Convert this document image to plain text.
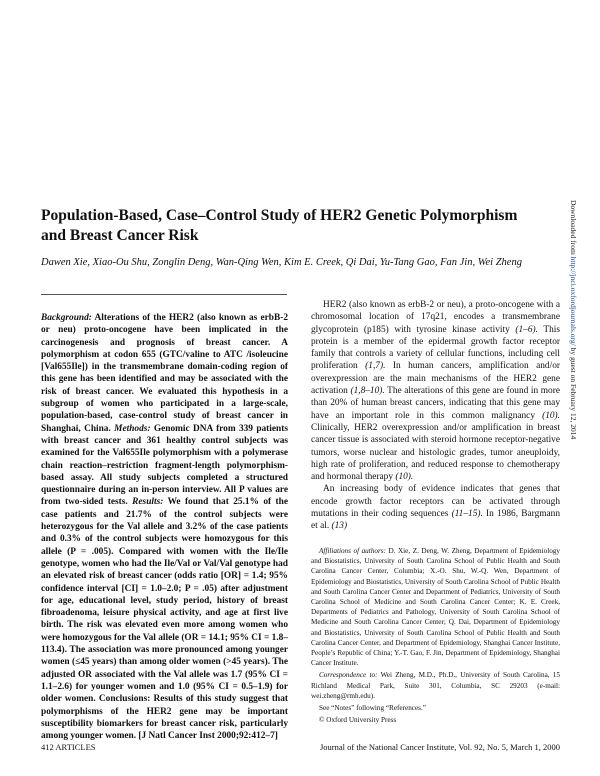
Population-Based, Case–Control Study of HER2 Genetic Polymorphism and Breast Cancer Risk
Dawen Xie, Xiao-Ou Shu, Zonglin Deng, Wan-Qing Wen, Kim E. Creek, Qi Dai, Yu-Tang Gao, Fan Jin, Wei Zheng
Downloaded from http://jnci.oxfordjournals.org/ by guest on February 12, 2014
Background: Alterations of the HER2 (also known as erbB-2 or neu) proto-oncogene have been implicated in the carcinogenesis and prognosis of breast cancer. A polymorphism at codon 655 (GTC/valine to ATC /isoleucine [Val655Ile]) in the transmembrane domain-coding region of this gene has been identified and may be associated with the risk of breast cancer. We evaluated this hypothesis in a subgroup of women who participated in a large-scale, population-based, case-control study of breast cancer in Shanghai, China. Methods: Genomic DNA from 339 patients with breast cancer and 361 healthy control subjects was examined for the Val655Ile polymorphism with a polymerase chain reaction–restriction fragment-length polymorphism-based assay. All study subjects completed a structured questionnaire during an in-person interview. All P values are from two-sided tests. Results: We found that 25.1% of the case patients and 21.7% of the control subjects were heterozygous for the Val allele and 3.2% of the case patients and 0.3% of the control subjects were homozygous for this allele (P = .005). Compared with women with the Ile/Ile genotype, women who had the Ile/Val or Val/Val genotype had an elevated risk of breast cancer (odds ratio [OR] = 1.4; 95% confidence interval [CI] = 1.0–2.0; P = .05) after adjustment for age, educational level, study period, history of breast fibroadenoma, leisure physical activity, and age at first live birth. The risk was elevated even more among women who were homozygous for the Val allele (OR = 14.1; 95% CI = 1.8–113.4). The association was more pronounced among younger women (≤45 years) than among older women (>45 years). The adjusted OR associated with the Val allele was 1.7 (95% CI = 1.1–2.6) for younger women and 1.0 (95% CI = 0.5–1.9) for older women. Conclusions: Results of this study suggest that polymorphisms of the HER2 gene may be important susceptibility biomarkers for breast cancer risk, particularly among younger women. [J Natl Cancer Inst 2000;92:412–7]

HER2 (also known as erbB-2 or neu), a proto-oncogene with a chromosomal location of 17q21, encodes a transmembrane glycoprotein (p185) with tyrosine kinase activity (1–6). This protein is a member of the epidermal growth factor receptor family that controls a variety of cellular functions, including cell proliferation (1,7). In human cancers, amplification and/or overexpression are the main mechanisms of the HER2 gene activation (1,8–10). The alterations of this gene are found in more than 20% of human breast cancers, indicating that this gene may have an important role in this common malignancy (10). Clinically, HER2 overexpression and/or amplification in breast cancer tissue is associated with steroid hormone receptor-negative tumors, worse nuclear and histologic grades, tumor aneuploidy, high rate of proliferation, and reduced response to chemotherapy and hormonal therapy (10).

An increasing body of evidence indicates that genes that encode growth factor receptors can be activated through mutations in their coding sequences (11–15). In 1986, Bargmann et al. (13)

Affiliations of authors: D. Xie, Z. Deng, W. Zheng, Department of Epidemiology and Biostatistics, University of South Carolina School of Public Health and South Carolina Cancer Center, Columbia; X.-O. Shu, W.-Q. Wen, Department of Epidemiology and Biostatistics, University of South Carolina School of Public Health and South Carolina Cancer Center and Department of Pediatrics, University of South Carolina School of Medicine and South Carolina Cancer Center; K. E. Creek, Departments of Pediatrics and Pathology, University of South Carolina School of Medicine and South Carolina Cancer Center; Q. Dai, Department of Epidemiology and Biostatistics, University of South Carolina School of Public Health and South Carolina Cancer Center, and Department of Epidemiology, Shanghai Cancer Institute, People’s Republic of China; Y.-T. Gao, F. Jin, Department of Epidemiology, Shanghai Cancer Institute.

Correspondence to: Wei Zheng, M.D., Ph.D., University of South Carolina, 15 Richland Medical Park, Suite 301, Columbia, SC 29203 (e-mail: wei.zheng@rmh.edu).

See “Notes” following “References.”

© Oxford University Press

412 ARTICLES	Journal of the National Cancer Institute, Vol. 92, No. 5, March 1, 2000
